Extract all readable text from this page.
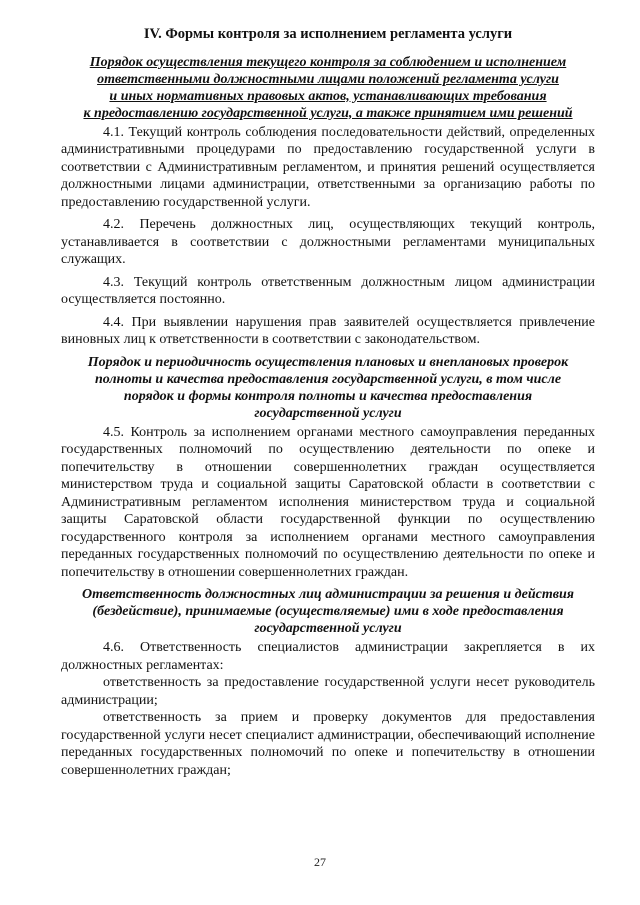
IV. Формы контроля за исполнением регламента услуги
Порядок осуществления текущего контроля за соблюдением и исполнением
ответственными должностными лицами положений регламента услуги
и иных нормативных правовых актов, устанавливающих требования
к предоставлению государственной услуги, а также принятием ими решений

4.1. Текущий контроль соблюдения последовательности действий, определенных административными процедурами по предоставлению государственной услуги в соответствии с Административным регламентом, и принятия решений осуществляется должностными лицами администрации, ответственными за организацию работы по предоставлению государственной услуги.

4.2. Перечень должностных лиц, осуществляющих текущий контроль, устанавливается в соответствии с должностными регламентами муниципальных служащих.

4.3. Текущий контроль ответственным должностным лицом администрации осуществляется постоянно.

4.4. При выявлении нарушения прав заявителей осуществляется привлечение виновных лиц к ответственности в соответствии с законодательством.

Порядок и периодичность осуществления плановых и внеплановых проверок
полноты и качества предоставления государственной услуги, в том числе
порядок и формы контроля полноты и качества предоставления
государственной услуги

4.5. Контроль за исполнением органами местного самоуправления переданных государственных полномочий по осуществлению деятельности по опеке и попечительству в отношении совершеннолетних граждан осуществляется министерством труда и социальной защиты Саратовской области в соответствии с Административным регламентом исполнения министерством труда и социальной защиты Саратовской области государственной функции по осуществлению государственного контроля за исполнением органами местного самоуправления переданных государственных полномочий по осуществлению деятельности по опеке и попечительству в отношении совершеннолетних граждан.

Ответственность должностных лиц администрации за решения и действия
(бездействие), принимаемые (осуществляемые) ими в ходе предоставления
государственной услуги

4.6. Ответственность специалистов администрации закрепляется в их должностных регламентах:

ответственность за предоставление государственной услуги несет руководитель администрации;

ответственность за прием и проверку документов для предоставления государственной услуги несет специалист администрации, обеспечивающий исполнение переданных государственных полномочий по опеке и попечительству в отношении совершеннолетних граждан;

27
